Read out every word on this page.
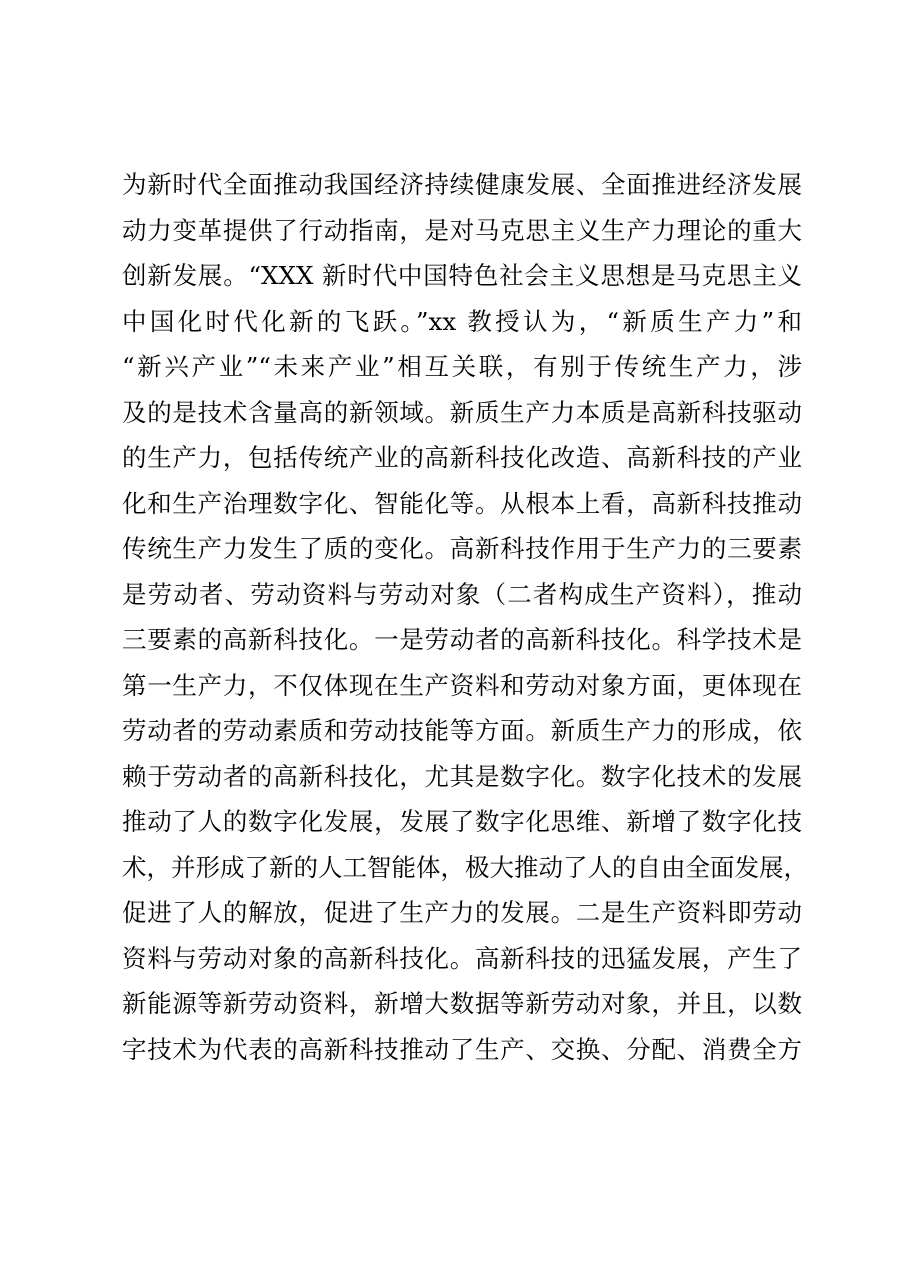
为新时代全面推动我国经济持续健康发展、全面推进经济发展
动力变革提供了行动指南，是对马克思主义生产力理论的重大
创新发展。“XXX 新时代中国特色社会主义思想是马克思主义
中国化时代化新的飞跃。”xx 教授认为，“新质生产力”和
“新兴产业”“未来产业”相互关联，有别于传统生产力，涉
及的是技术含量高的新领域。新质生产力本质是高新科技驱动
的生产力，包括传统产业的高新科技化改造、高新科技的产业
化和生产治理数字化、智能化等。从根本上看，高新科技推动
传统生产力发生了质的变化。高新科技作用于生产力的三要素
是劳动者、劳动资料与劳动对象（二者构成生产资料），推动
三要素的高新科技化。一是劳动者的高新科技化。科学技术是
第一生产力，不仅体现在生产资料和劳动对象方面，更体现在
劳动者的劳动素质和劳动技能等方面。新质生产力的形成，依
赖于劳动者的高新科技化，尤其是数字化。数字化技术的发展
推动了人的数字化发展，发展了数字化思维、新增了数字化技
术，并形成了新的人工智能体，极大推动了人的自由全面发展，
促进了人的解放，促进了生产力的发展。二是生产资料即劳动
资料与劳动对象的高新科技化。高新科技的迅猛发展，产生了
新能源等新劳动资料，新增大数据等新劳动对象，并且，以数
字技术为代表的高新科技推动了生产、交换、分配、消费全方
